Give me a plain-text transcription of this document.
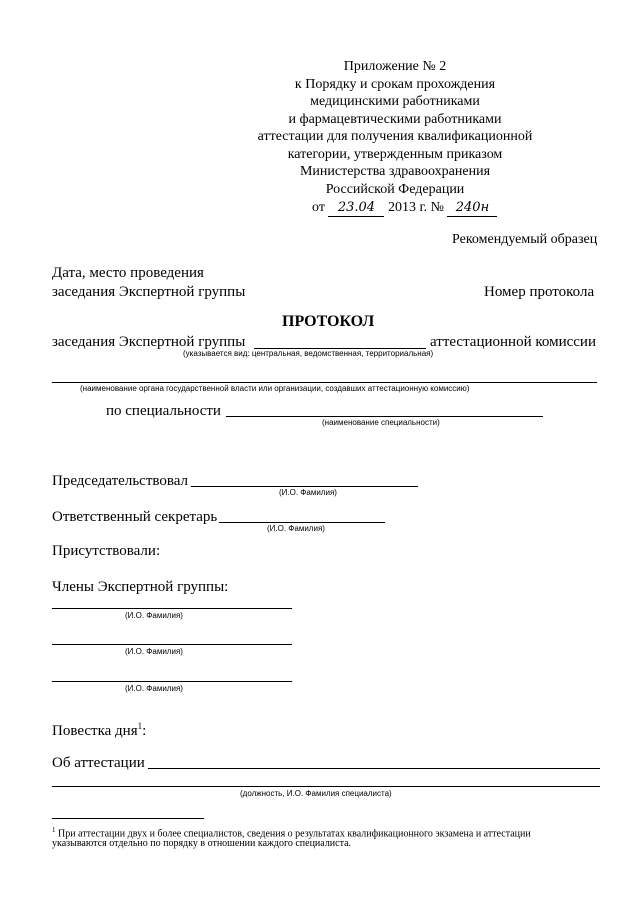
Приложение № 2
к Порядку и срокам прохождения
медицинскими работниками
и фармацевтическими работниками
аттестации для получения квалификационной
категории, утвержденным приказом
Министерства здравоохранения
Российской Федерации
от 23.04 2013 г. № 240н
Рекомендуемый образец
Дата, место проведения
заседания Экспертной группы	Номер протокола
ПРОТОКОЛ
заседания Экспертной группы	аттестационной комиссии
(указывается вид: центральная, ведомственная, территориальная)
(наименование органа государственной власти или организации, создавших аттестационную комиссию)
по специальности
(наименование специальности)
Председательствовал
(И.О. Фамилия)
Ответственный секретарь
(И.О. Фамилия)
Присутствовали:
Члены Экспертной группы:
(И.О. Фамилия)
(И.О. Фамилия)
(И.О. Фамилия)
Повестка дня$^1$:
Об аттестации
(должность, И.О. Фамилия специалиста)
$^1$ При аттестации двух и более специалистов, сведения о результатах квалификационного экзамена и аттестации
указываются отдельно по порядку в отношении каждого специалиста.
